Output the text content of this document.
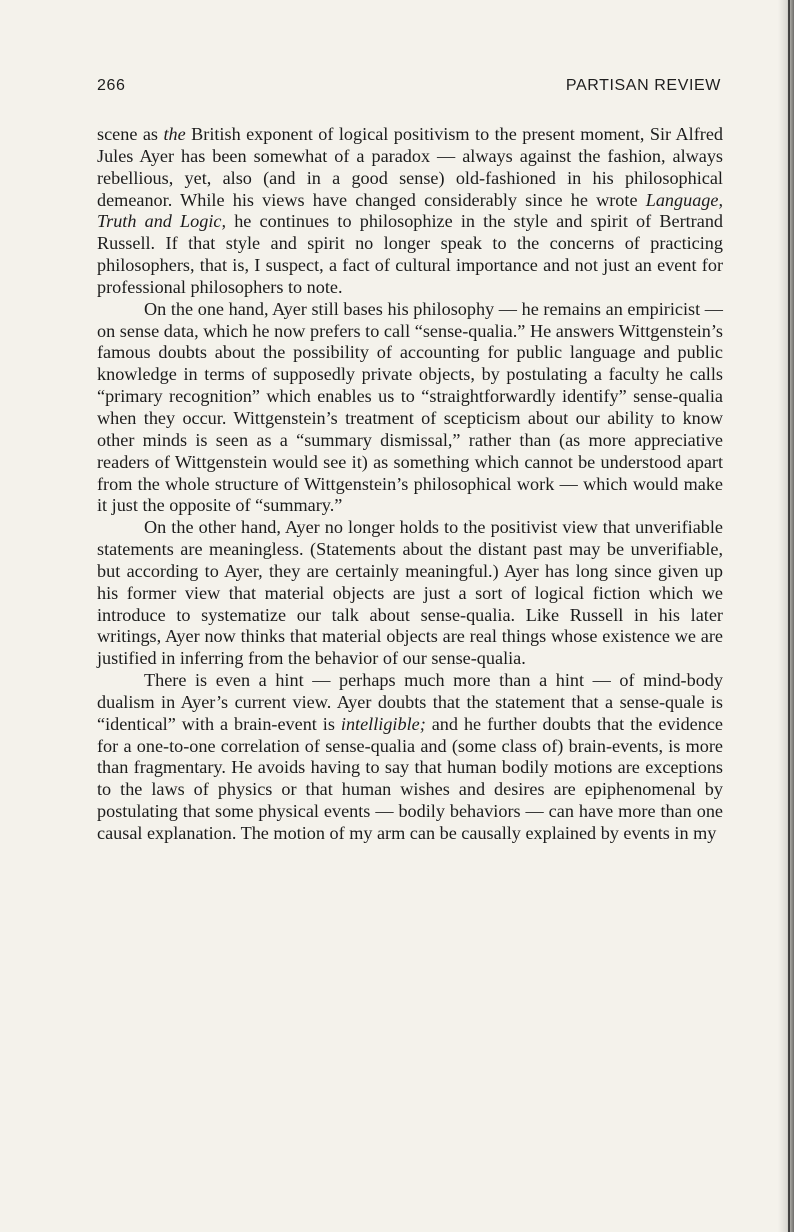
266	PARTISAN REVIEW

scene as the British exponent of logical positivism to the present moment, Sir Alfred Jules Ayer has been somewhat of a paradox — always against the fashion, always rebellious, yet, also (and in a good sense) old-fashioned in his philosophical demeanor. While his views have changed considerably since he wrote Language, Truth and Logic, he continues to philosophize in the style and spirit of Bertrand Russell. If that style and spirit no longer speak to the concerns of practicing philosophers, that is, I suspect, a fact of cultural importance and not just an event for professional philosophers to note.

On the one hand, Ayer still bases his philosophy — he remains an empiricist — on sense data, which he now prefers to call “sense-qualia.” He answers Wittgenstein’s famous doubts about the possibility of accounting for public language and public knowledge in terms of supposedly private objects, by postulating a faculty he calls “primary recognition” which enables us to “straightforwardly identify” sense-qualia when they occur. Wittgenstein’s treatment of scepticism about our ability to know other minds is seen as a “summary dismissal,” rather than (as more appreciative readers of Wittgenstein would see it) as something which cannot be understood apart from the whole structure of Wittgenstein’s philosophical work — which would make it just the opposite of “summary.”

On the other hand, Ayer no longer holds to the positivist view that unverifiable statements are meaningless. (Statements about the distant past may be unverifiable, but according to Ayer, they are certainly meaningful.) Ayer has long since given up his former view that material objects are just a sort of logical fiction which we introduce to systematize our talk about sense-qualia. Like Russell in his later writings, Ayer now thinks that material objects are real things whose existence we are justified in inferring from the behavior of our sense-qualia.

There is even a hint — perhaps much more than a hint — of mind-body dualism in Ayer’s current view. Ayer doubts that the statement that a sense-quale is “identical” with a brain-event is intelligible; and he further doubts that the evidence for a one-to-one correlation of sense-qualia and (some class of) brain-events, is more than fragmentary. He avoids having to say that human bodily motions are exceptions to the laws of physics or that human wishes and desires are epiphenomenal by postulating that some physical events — bodily behaviors — can have more than one causal explanation. The motion of my arm can be causally explained by events in my
